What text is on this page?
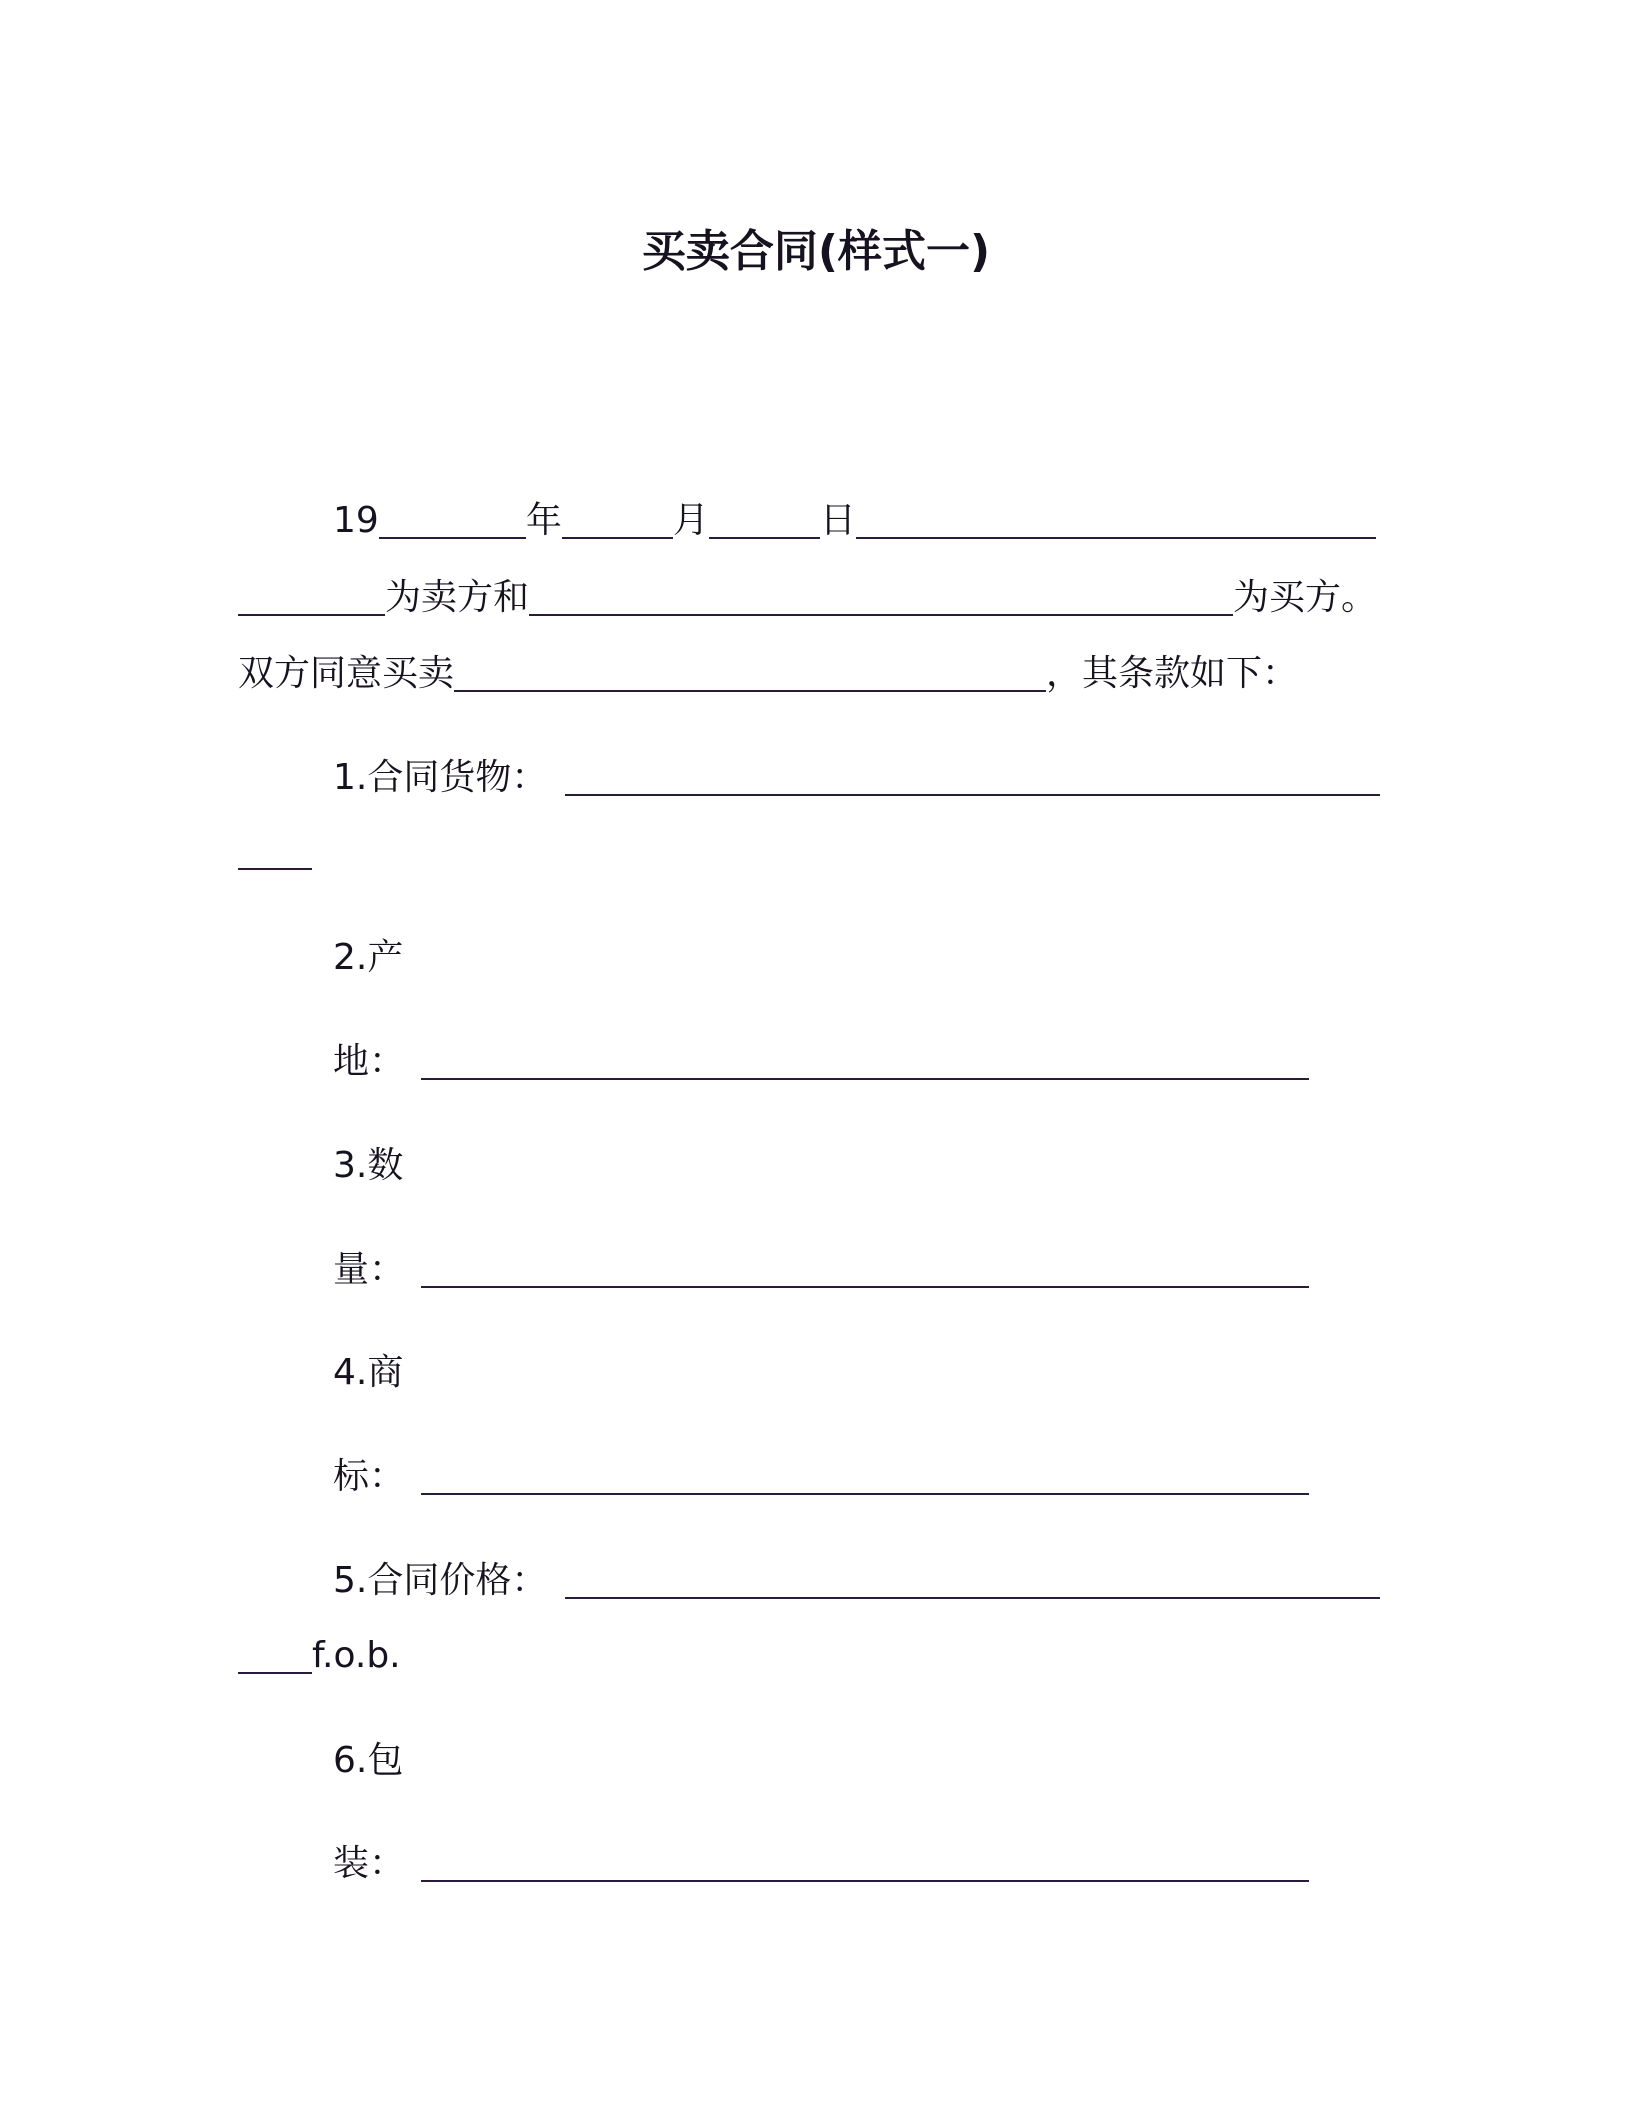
买卖合同(样式一)
19	年	月	日
为卖方和	为买方。
双方同意买卖	，其条款如下：
1.合同货物：
2.产
地：
3.数
量：
4.商
标：
5.合同价格：
f.o.b.
6.包
装：
